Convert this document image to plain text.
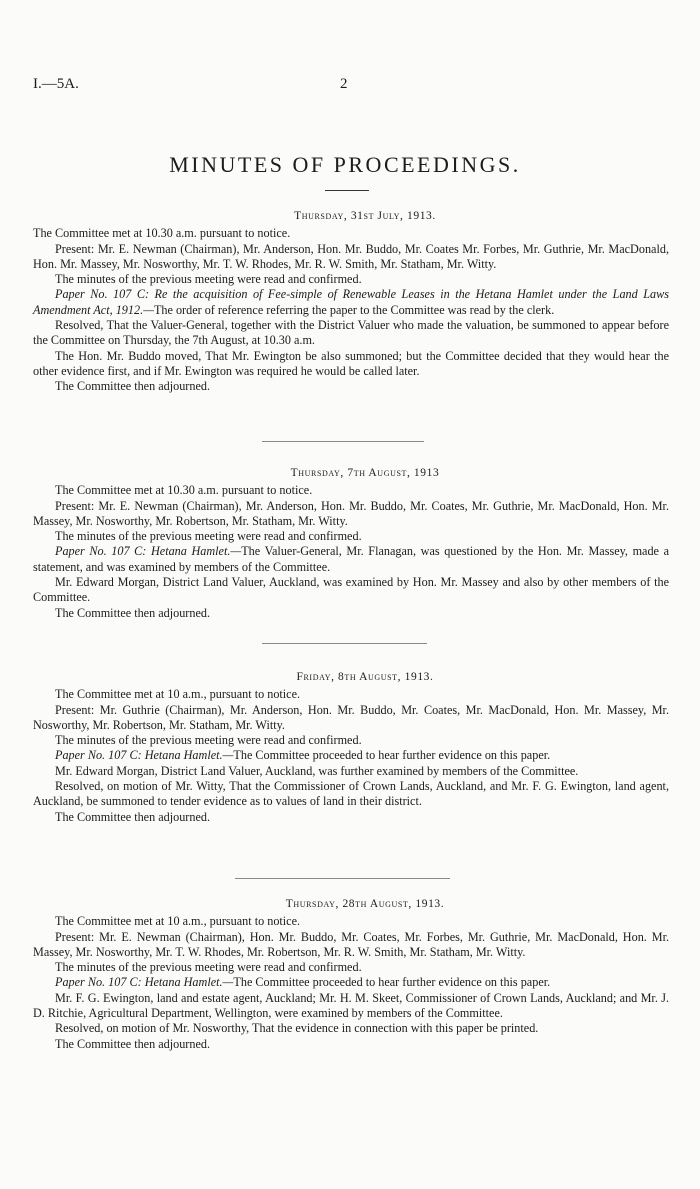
I.—5A.	2
MINUTES OF PROCEEDINGS.
Thursday, 31st July, 1913.

The Committee met at 10.30 a.m. pursuant to notice.

Present: Mr. E. Newman (Chairman), Mr. Anderson, Hon. Mr. Buddo, Mr. Coates Mr. Forbes, Mr. Guthrie, Mr. MacDonald, Hon. Mr. Massey, Mr. Nosworthy, Mr. T. W. Rhodes, Mr. R. W. Smith, Mr. Statham, Mr. Witty.

The minutes of the previous meeting were read and confirmed.

Paper No. 107 C: Re the acquisition of Fee-simple of Renewable Leases in the Hetana Hamlet under the Land Laws Amendment Act, 1912.—The order of reference referring the paper to the Committee was read by the clerk.

Resolved, That the Valuer-General, together with the District Valuer who made the valuation, be summoned to appear before the Committee on Thursday, the 7th August, at 10.30 a.m.

The Hon. Mr. Buddo moved, That Mr. Ewington be also summoned; but the Committee decided that they would hear the other evidence first, and if Mr. Ewington was required he would be called later.

The Committee then adjourned.

Thursday, 7th August, 1913

The Committee met at 10.30 a.m. pursuant to notice.

Present: Mr. E. Newman (Chairman), Mr. Anderson, Hon. Mr. Buddo, Mr. Coates, Mr. Guthrie, Mr. MacDonald, Hon. Mr. Massey, Mr. Nosworthy, Mr. Robertson, Mr. Statham, Mr. Witty.

The minutes of the previous meeting were read and confirmed.

Paper No. 107 C: Hetana Hamlet.—The Valuer-General, Mr. Flanagan, was questioned by the Hon. Mr. Massey, made a statement, and was examined by members of the Committee.

Mr. Edward Morgan, District Land Valuer, Auckland, was examined by Hon. Mr. Massey and also by other members of the Committee.

The Committee then adjourned.

Friday, 8th August, 1913.

The Committee met at 10 a.m., pursuant to notice.

Present: Mr. Guthrie (Chairman), Mr. Anderson, Hon. Mr. Buddo, Mr. Coates, Mr. MacDonald, Hon. Mr. Massey, Mr. Nosworthy, Mr. Robertson, Mr. Statham, Mr. Witty.

The minutes of the previous meeting were read and confirmed.

Paper No. 107 C: Hetana Hamlet.—The Committee proceeded to hear further evidence on this paper.

Mr. Edward Morgan, District Land Valuer, Auckland, was further examined by members of the Committee.

Resolved, on motion of Mr. Witty, That the Commissioner of Crown Lands, Auckland, and Mr. F. G. Ewington, land agent, Auckland, be summoned to tender evidence as to values of land in their district.

The Committee then adjourned.

Thursday, 28th August, 1913.

The Committee met at 10 a.m., pursuant to notice.

Present: Mr. E. Newman (Chairman), Hon. Mr. Buddo, Mr. Coates, Mr. Forbes, Mr. Guthrie, Mr. MacDonald, Hon. Mr. Massey, Mr. Nosworthy, Mr. T. W. Rhodes, Mr. Robertson, Mr. R. W. Smith, Mr. Statham, Mr. Witty.

The minutes of the previous meeting were read and confirmed.

Paper No. 107 C: Hetana Hamlet.—The Committee proceeded to hear further evidence on this paper.

Mr. F. G. Ewington, land and estate agent, Auckland; Mr. H. M. Skeet, Commissioner of Crown Lands, Auckland; and Mr. J. D. Ritchie, Agricultural Department, Wellington, were examined by members of the Committee.

Resolved, on motion of Mr. Nosworthy, That the evidence in connection with this paper be printed.

The Committee then adjourned.
